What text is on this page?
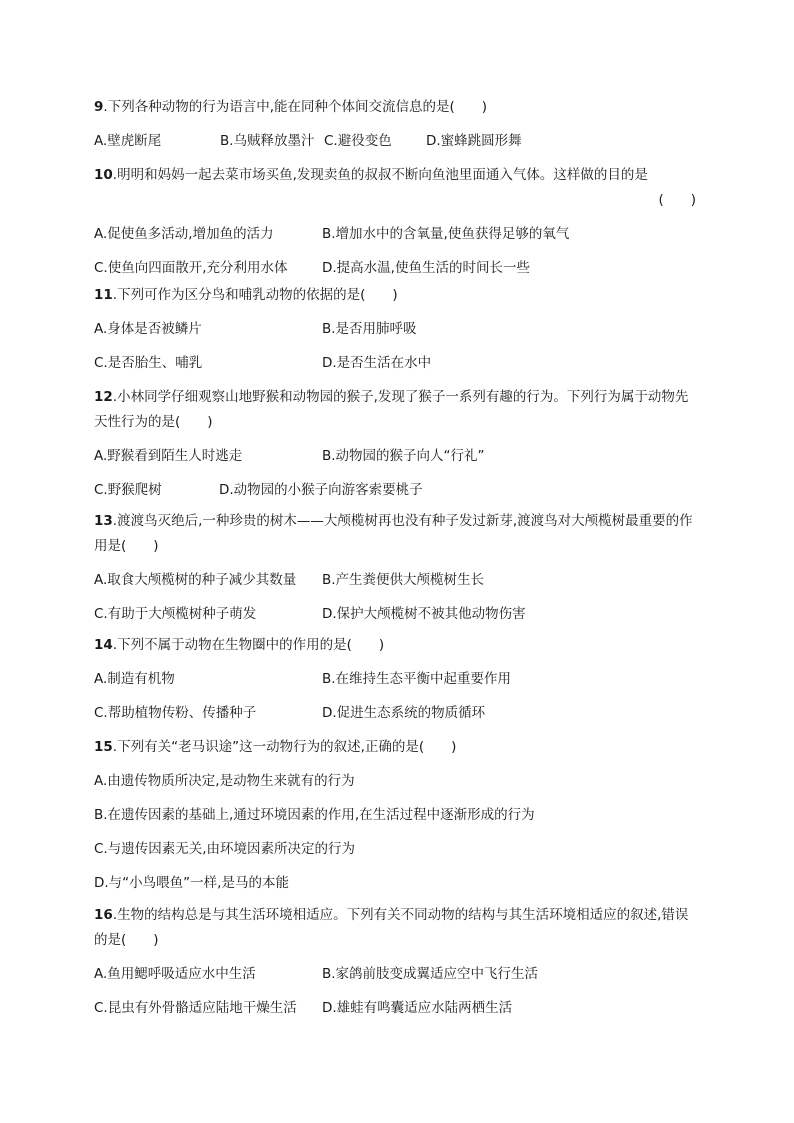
9.下列各种动物的行为语言中,能在同种个体间交流信息的是(　　)

A.壁虎断尾	B.乌贼释放墨汁 C.避役变色	D.蜜蜂跳圆形舞

10.明明和妈妈一起去菜市场买鱼,发现卖鱼的叔叔不断向鱼池里面通入气体。这样做的目的是

(　　)

A.促使鱼多活动,增加鱼的活力	B.增加水中的含氧量,使鱼获得足够的氧气
C.使鱼向四面散开,充分利用水体	D.提高水温,使鱼生活的时间长一些

11.下列可作为区分鸟和哺乳动物的依据的是(　　)

A.身体是否被鳞片	B.是否用肺呼吸
C.是否胎生、哺乳	D.是否生活在水中

12.小林同学仔细观察山地野猴和动物园的猴子,发现了猴子一系列有趣的行为。下列行为属于动物先天性行为的是(　　)

A.野猴看到陌生人时逃走	B.动物园的猴子向人“行礼”
C.野猴爬树	D.动物园的小猴子向游客索要桃子

13.渡渡鸟灭绝后,一种珍贵的树木——大颅榄树再也没有种子发过新芽,渡渡鸟对大颅榄树最重要的作用是(　　)

A.取食大颅榄树的种子减少其数量	B.产生粪便供大颅榄树生长
C.有助于大颅榄树种子萌发	D.保护大颅榄树不被其他动物伤害

14.下列不属于动物在生物圈中的作用的是(　　)

A.制造有机物	B.在维持生态平衡中起重要作用
C.帮助植物传粉、传播种子	D.促进生态系统的物质循环

15.下列有关“老马识途”这一动物行为的叙述,正确的是(　　)

A.由遗传物质所决定,是动物生来就有的行为
B.在遗传因素的基础上,通过环境因素的作用,在生活过程中逐渐形成的行为
C.与遗传因素无关,由环境因素所决定的行为
D.与“小鸟喂鱼”一样,是马的本能

16.生物的结构总是与其生活环境相适应。下列有关不同动物的结构与其生活环境相适应的叙述,错误的是(　　)

A.鱼用鳃呼吸适应水中生活	B.家鸽前肢变成翼适应空中飞行生活
C.昆虫有外骨骼适应陆地干燥生活	D.雄蛙有鸣囊适应水陆两栖生活
